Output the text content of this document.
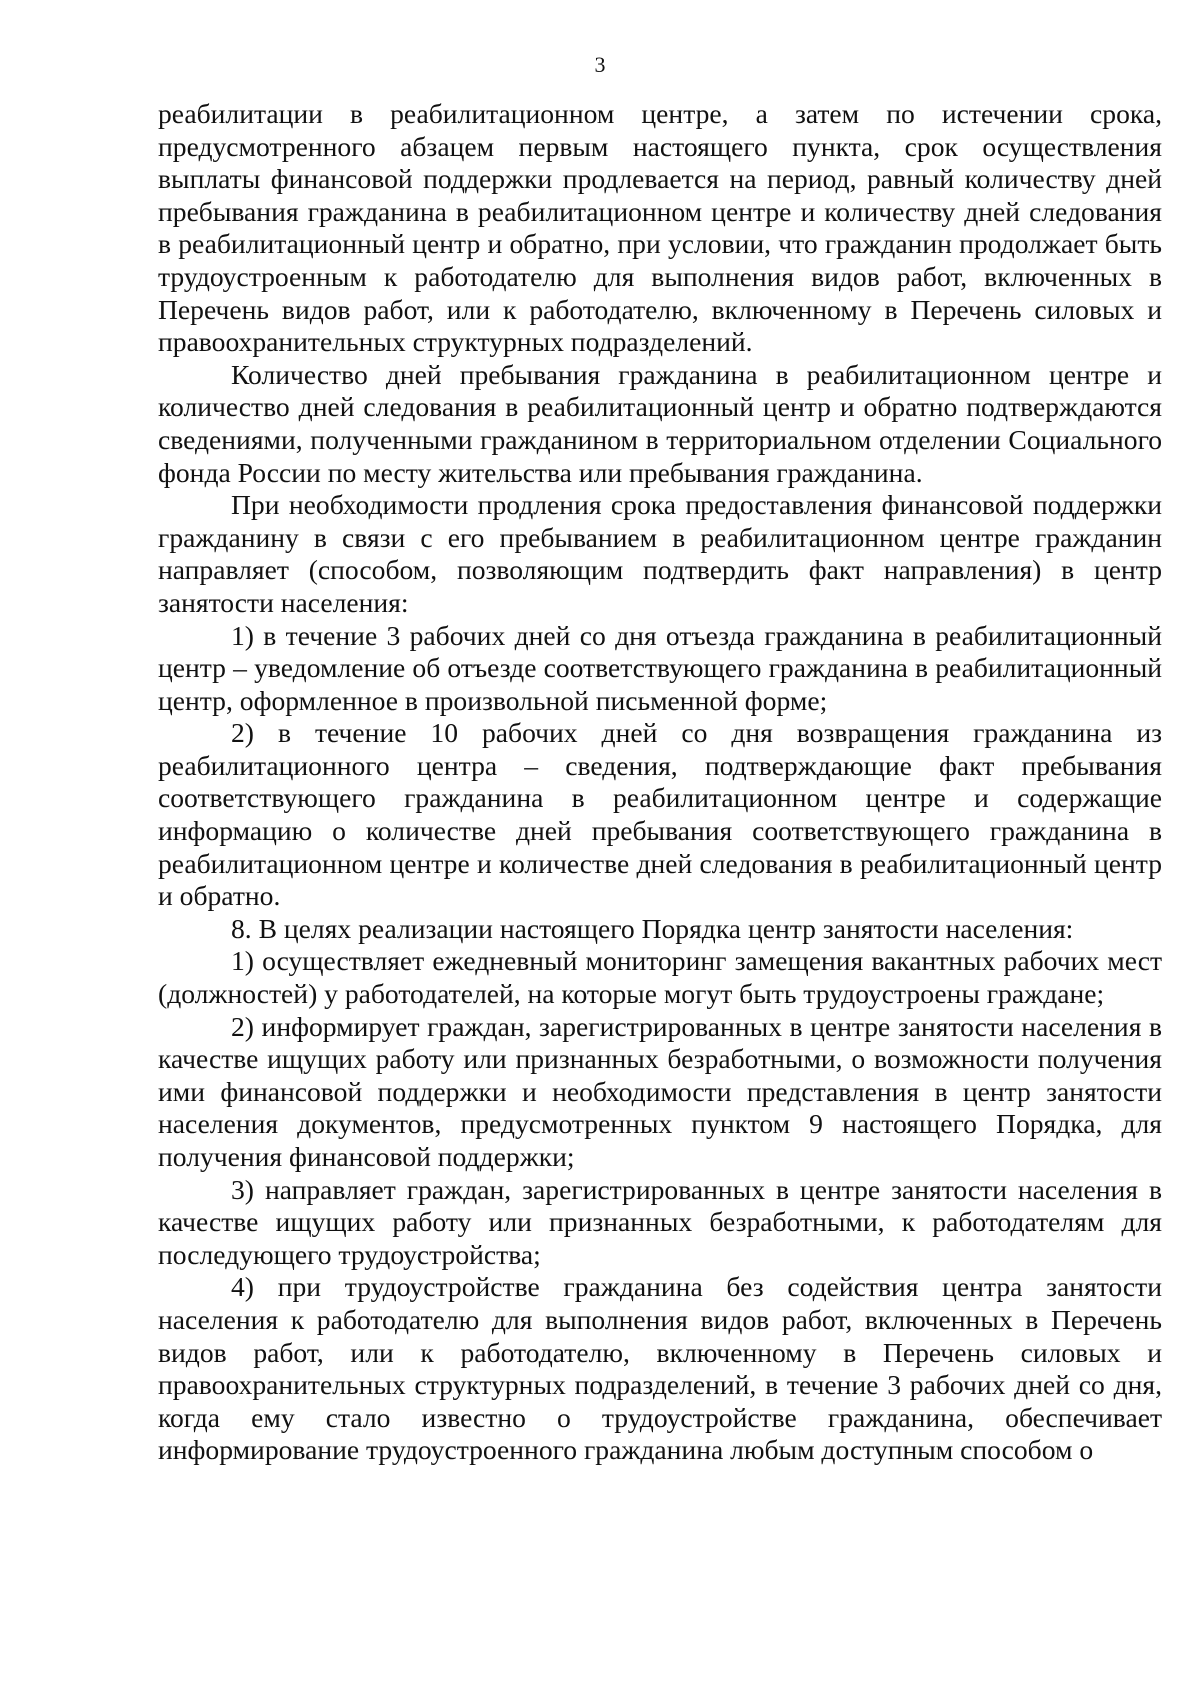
3

реабилитации в реабилитационном центре, а затем по истечении срока, предусмотренного абзацем первым настоящего пункта, срок осуществления выплаты финансовой поддержки продлевается на период, равный количеству дней пребывания гражданина в реабилитационном центре и количеству дней следования в реабилитационный центр и обратно, при условии, что гражданин продолжает быть трудоустроенным к работодателю для выполнения видов работ, включенных в Перечень видов работ, или к работодателю, включенному в Перечень силовых и правоохранительных структурных подразделений.

Количество дней пребывания гражданина в реабилитационном центре и количество дней следования в реабилитационный центр и обратно подтверждаются сведениями, полученными гражданином в территориальном отделении Социального фонда России по месту жительства или пребывания гражданина.

При необходимости продления срока предоставления финансовой поддержки гражданину в связи с его пребыванием в реабилитационном центре гражданин направляет (способом, позволяющим подтвердить факт направления) в центр занятости населения:

1) в течение 3 рабочих дней со дня отъезда гражданина в реабилитационный центр – уведомление об отъезде соответствующего гражданина в реабилитационный центр, оформленное в произвольной письменной форме;

2) в течение 10 рабочих дней со дня возвращения гражданина из реабилитационного центра – сведения, подтверждающие факт пребывания соответствующего гражданина в реабилитационном центре и содержащие информацию о количестве дней пребывания соответствующего гражданина в реабилитационном центре и количестве дней следования в реабилитационный центр и обратно.

8. В целях реализации настоящего Порядка центр занятости населения:

1) осуществляет ежедневный мониторинг замещения вакантных рабочих мест (должностей) у работодателей, на которые могут быть трудоустроены граждане;

2) информирует граждан, зарегистрированных в центре занятости населения в качестве ищущих работу или признанных безработными, о возможности получения ими финансовой поддержки и необходимости представления в центр занятости населения документов, предусмотренных пунктом 9 настоящего Порядка, для получения финансовой поддержки;

3) направляет граждан, зарегистрированных в центре занятости населения в качестве ищущих работу или признанных безработными, к работодателям для последующего трудоустройства;

4) при трудоустройстве гражданина без содействия центра занятости населения к работодателю для выполнения видов работ, включенных в Перечень видов работ, или к работодателю, включенному в Перечень силовых и правоохранительных структурных подразделений, в течение 3 рабочих дней со дня, когда ему стало известно о трудоустройстве гражданина, обеспечивает информирование трудоустроенного гражданина любым доступным способом о
